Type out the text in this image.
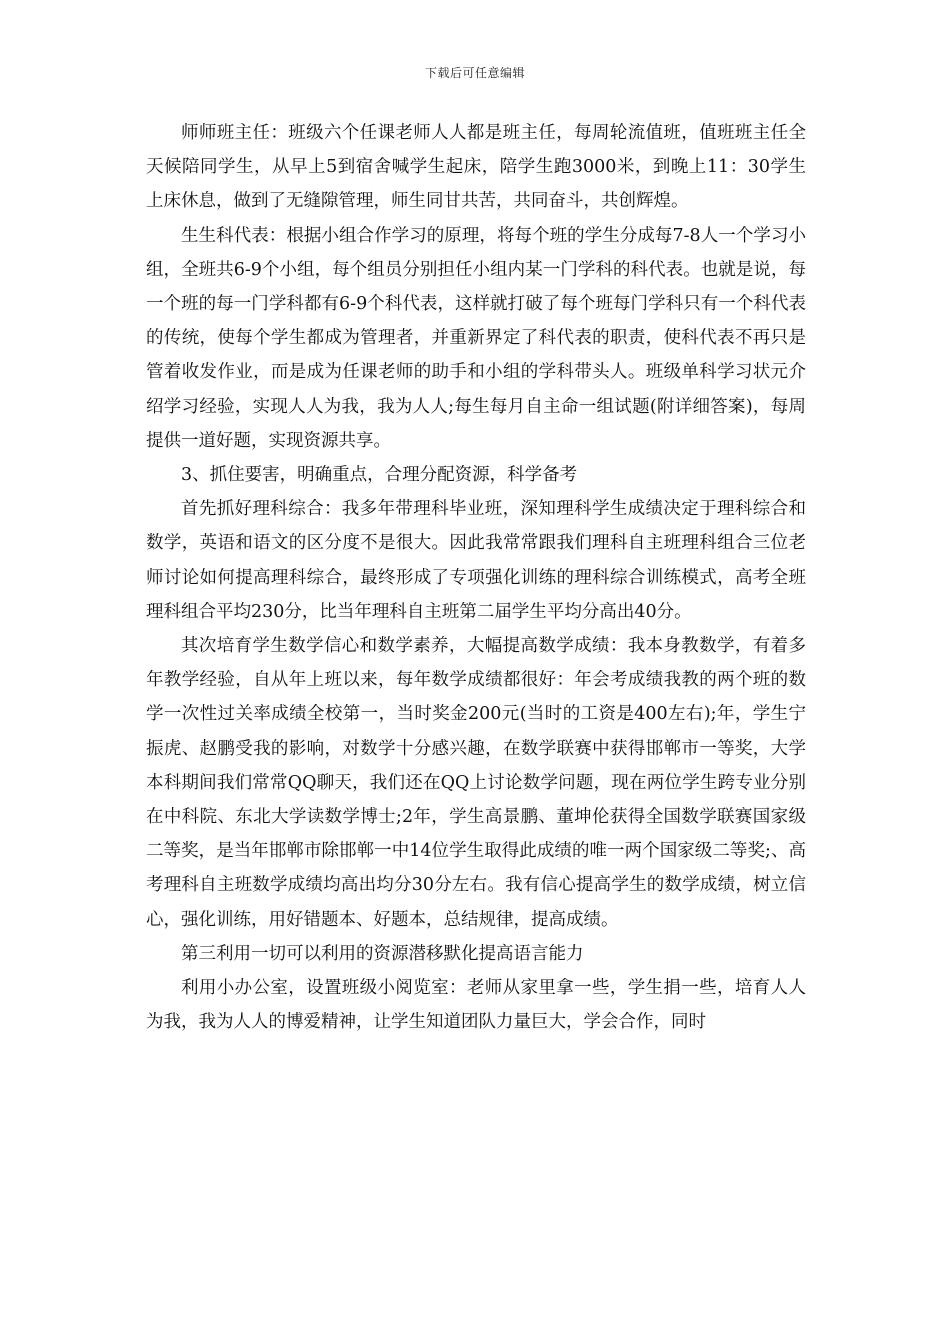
下载后可任意编辑

师师班主任：班级六个任课老师人人都是班主任，每周轮流值班，值班班主任全天候陪同学生，从早上5到宿舍喊学生起床，陪学生跑3000米，到晚上11：30学生上床休息，做到了无缝隙管理，师生同甘共苦，共同奋斗，共创辉煌。

生生科代表：根据小组合作学习的原理，将每个班的学生分成每7-8人一个学习小组，全班共6-9个小组，每个组员分别担任小组内某一门学科的科代表。也就是说，每一个班的每一门学科都有6-9个科代表，这样就打破了每个班每门学科只有一个科代表的传统，使每个学生都成为管理者，并重新界定了科代表的职责，使科代表不再只是管着收发作业，而是成为任课老师的助手和小组的学科带头人。班级单科学习状元介绍学习经验，实现人人为我，我为人人;每生每月自主命一组试题(附详细答案)，每周提供一道好题，实现资源共享。

3、抓住要害，明确重点，合理分配资源，科学备考

首先抓好理科综合：我多年带理科毕业班，深知理科学生成绩决定于理科综合和数学，英语和语文的区分度不是很大。因此我常常跟我们理科自主班理科组合三位老师讨论如何提高理科综合，最终形成了专项强化训练的理科综合训练模式，高考全班理科组合平均230分，比当年理科自主班第二届学生平均分高出40分。

其次培育学生数学信心和数学素养，大幅提高数学成绩：我本身教数学，有着多年教学经验，自从年上班以来，每年数学成绩都很好：年会考成绩我教的两个班的数学一次性过关率成绩全校第一，当时奖金200元(当时的工资是400左右);年，学生宁振虎、赵鹏受我的影响，对数学十分感兴趣，在数学联赛中获得邯郸市一等奖，大学本科期间我们常常QQ聊天，我们还在QQ上讨论数学问题，现在两位学生跨专业分别在中科院、东北大学读数学博士;2年，学生高景鹏、董坤伦获得全国数学联赛国家级二等奖，是当年邯郸市除邯郸一中14位学生取得此成绩的唯一两个国家级二等奖;、高考理科自主班数学成绩均高出均分30分左右。我有信心提高学生的数学成绩，树立信心，强化训练，用好错题本、好题本，总结规律，提高成绩。

第三利用一切可以利用的资源潜移默化提高语言能力

利用小办公室，设置班级小阅览室：老师从家里拿一些，学生捐一些，培育人人为我，我为人人的博爱精神，让学生知道团队力量巨大，学会合作，同时
